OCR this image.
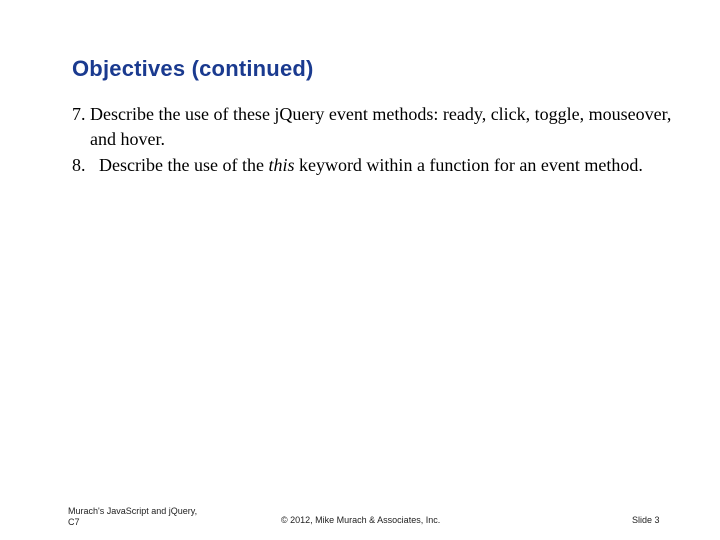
Objectives (continued)
7. Describe the use of these jQuery event methods: ready, click, toggle, mouseover, and hover.
8. Describe the use of the this keyword within a function for an event method.
Murach's JavaScript and jQuery,
C7	© 2012, Mike Murach & Associates, Inc.	Slide 3
